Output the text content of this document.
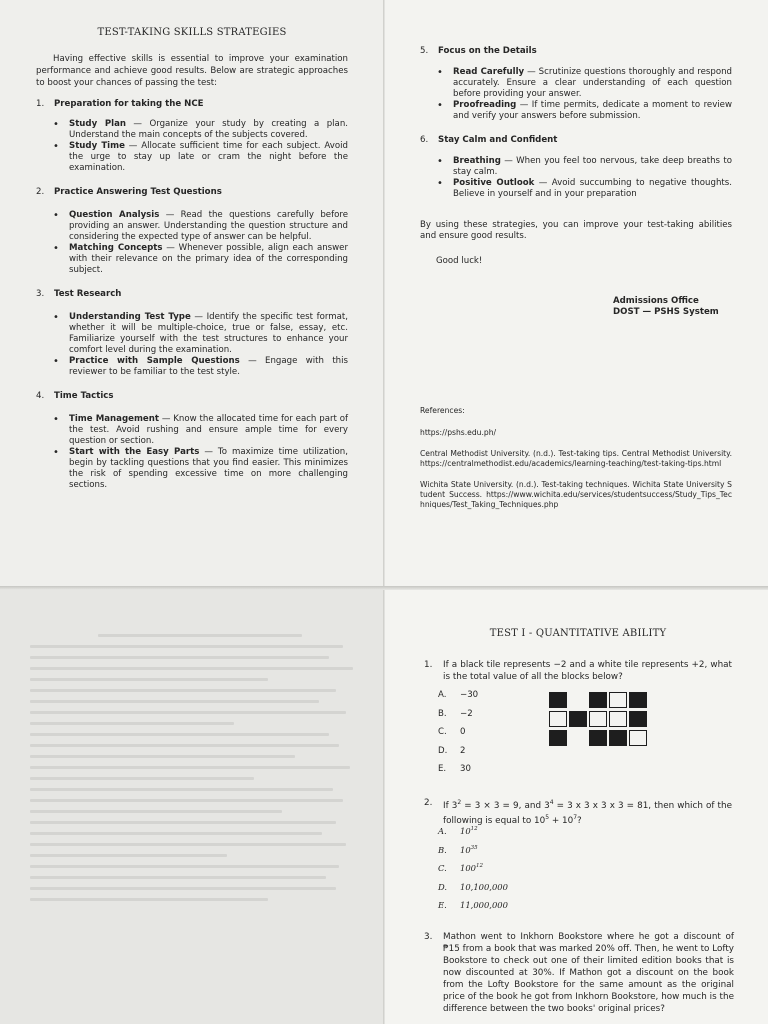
TEST-TAKING SKILLS STRATEGIES

Having effective skills is essential to improve your examination performance and achieve good results. Below are strategic approaches to boost your chances of passing the test:

1. Preparation for taking the NCE

• Study Plan — Organize your study by creating a plan. Understand the main concepts of the subjects covered.
• Study Time — Allocate sufficient time for each subject. Avoid the urge to stay up late or cram the night before the examination.

2. Practice Answering Test Questions

• Question Analysis — Read the questions carefully before providing an answer. Understanding the question structure and considering the expected type of answer can be helpful.
• Matching Concepts — Whenever possible, align each answer with their relevance on the primary idea of the corresponding subject.

3. Test Research

• Understanding Test Type — Identify the specific test format, whether it will be multiple-choice, true or false, essay, etc. Familiarize yourself with the test structures to enhance your comfort level during the examination.
• Practice with Sample Questions — Engage with this reviewer to be familiar to the test style.

4. Time Tactics

• Time Management — Know the allocated time for each part of the test. Avoid rushing and ensure ample time for every question or section.
• Start with the Easy Parts — To maximize time utilization, begin by tackling questions that you find easier. This minimizes the risk of spending excessive time on more challenging sections.

5. Focus on the Details

• Read Carefully — Scrutinize questions thoroughly and respond accurately. Ensure a clear understanding of each question before providing your answer.
• Proofreading — If time permits, dedicate a moment to review and verify your answers before submission.

6. Stay Calm and Confident

• Breathing — When you feel too nervous, take deep breaths to stay calm.
• Positive Outlook — Avoid succumbing to negative thoughts. Believe in yourself and in your preparation

By using these strategies, you can improve your test-taking abilities and ensure good results.

Good luck!

Admissions Office
DOST — PSHS System
References:
https://pshs.edu.ph/
Central Methodist University. (n.d.). Test-taking tips. Central Methodist University. https://centralmethodist.edu/academics/learning-teaching/test-taking-tips.html
Wichita State University. (n.d.). Test-taking techniques. Wichita State University Student Success. https://www.wichita.edu/services/studentsuccess/Study_Tips_Techniques/Test_Taking_Techniques.php

TEST I - QUANTITATIVE ABILITY

1. If a black tile represents −2 and a white tile represents +2, what is the total value of all the blocks below?
A.	−30
B.	−2
C.	0
D.	2
E.	30
2. If $3^2 = 3 \times 3 = 9$, and $3^4 = 3$ x 3 x 3 x 3 = 81, then which of the following is equal to $10^5 + 10^7$?
A.	10 12
B.	10 35
C.	100 12
D.	10,100,000
E.	11,000,000
3. Mathon went to Inkhorn Bookstore where he got a discount of ₱15 from a book that was marked 20% off. Then, he went to Lofty Bookstore to check out one of their limited edition books that is now discounted at 30%. If Mathon got a discount on the book from the Lofty Bookstore for the same amount as the original price of the book he got from Inkhorn Bookstore, how much is the difference between the two books' original prices?
